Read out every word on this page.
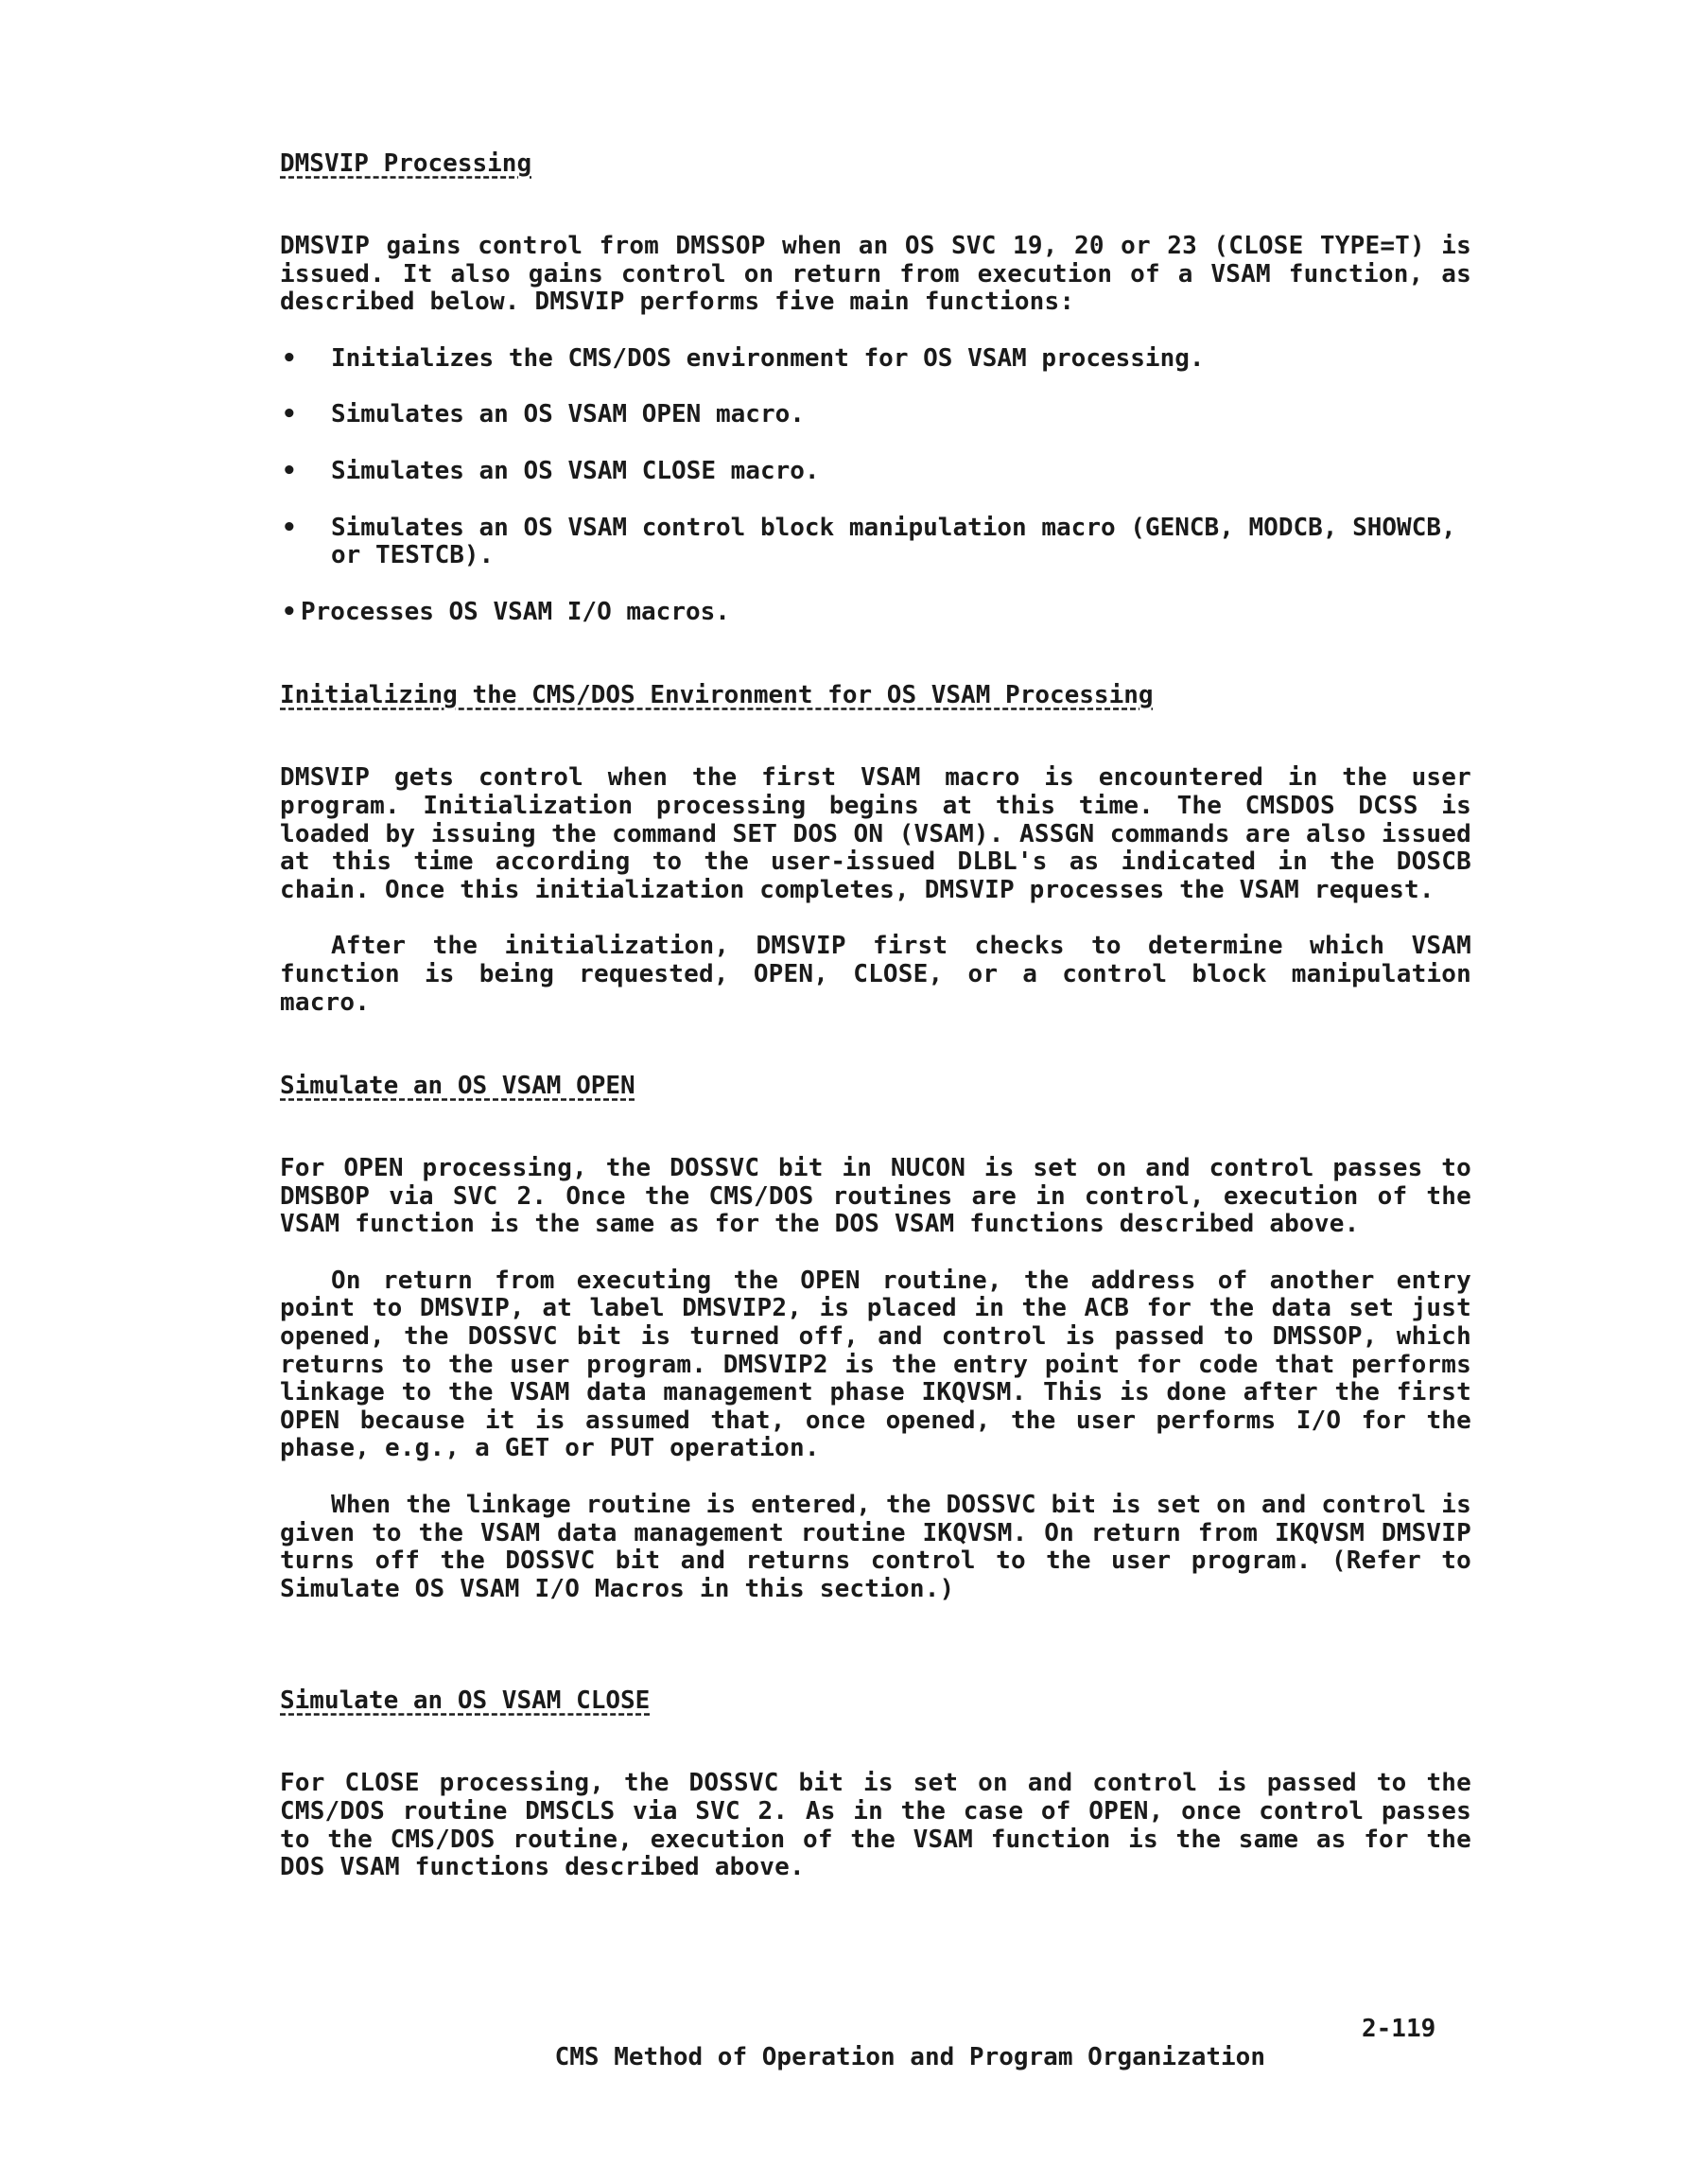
DMSVIP Processing

DMSVIP gains control from DMSSOP when an OS SVC 19, 20 or 23 (CLOSE TYPE=T) is issued. It also gains control on return from execution of a VSAM function, as described below. DMSVIP performs five main functions:

• Initializes the CMS/DOS environment for OS VSAM processing.
• Simulates an OS VSAM OPEN macro.
• Simulates an OS VSAM CLOSE macro.
• Simulates an OS VSAM control block manipulation macro (GENCB, MODCB, SHOWCB, or TESTCB).
• Processes OS VSAM I/O macros.
Initializing the CMS/DOS Environment for OS VSAM Processing

DMSVIP gets control when the first VSAM macro is encountered in the user program. Initialization processing begins at this time. The CMSDOS DCSS is loaded by issuing the command SET DOS ON (VSAM). ASSGN commands are also issued at this time according to the user-issued DLBL's as indicated in the DOSCB chain. Once this initialization completes, DMSVIP processes the VSAM request.

After the initialization, DMSVIP first checks to determine which VSAM function is being requested, OPEN, CLOSE, or a control block manipulation macro.

Simulate an OS VSAM OPEN

For OPEN processing, the DOSSVC bit in NUCON is set on and control passes to DMSBOP via SVC 2. Once the CMS/DOS routines are in control, execution of the VSAM function is the same as for the DOS VSAM functions described above.

On return from executing the OPEN routine, the address of another entry point to DMSVIP, at label DMSVIP2, is placed in the ACB for the data set just opened, the DOSSVC bit is turned off, and control is passed to DMSSOP, which returns to the user program. DMSVIP2 is the entry point for code that performs linkage to the VSAM data management phase IKQVSM. This is done after the first OPEN because it is assumed that, once opened, the user performs I/O for the phase, e.g., a GET or PUT operation.

When the linkage routine is entered, the DOSSVC bit is set on and control is given to the VSAM data management routine IKQVSM. On return from IKQVSM DMSVIP turns off the DOSSVC bit and returns control to the user program. (Refer to Simulate OS VSAM I/O Macros in this section.)

Simulate an OS VSAM CLOSE

For CLOSE processing, the DOSSVC bit is set on and control is passed to the CMS/DOS routine DMSCLS via SVC 2. As in the case of OPEN, once control passes to the CMS/DOS routine, execution of the VSAM function is the same as for the DOS VSAM functions described above.

CMS Method of Operation and Program Organization

2-119
